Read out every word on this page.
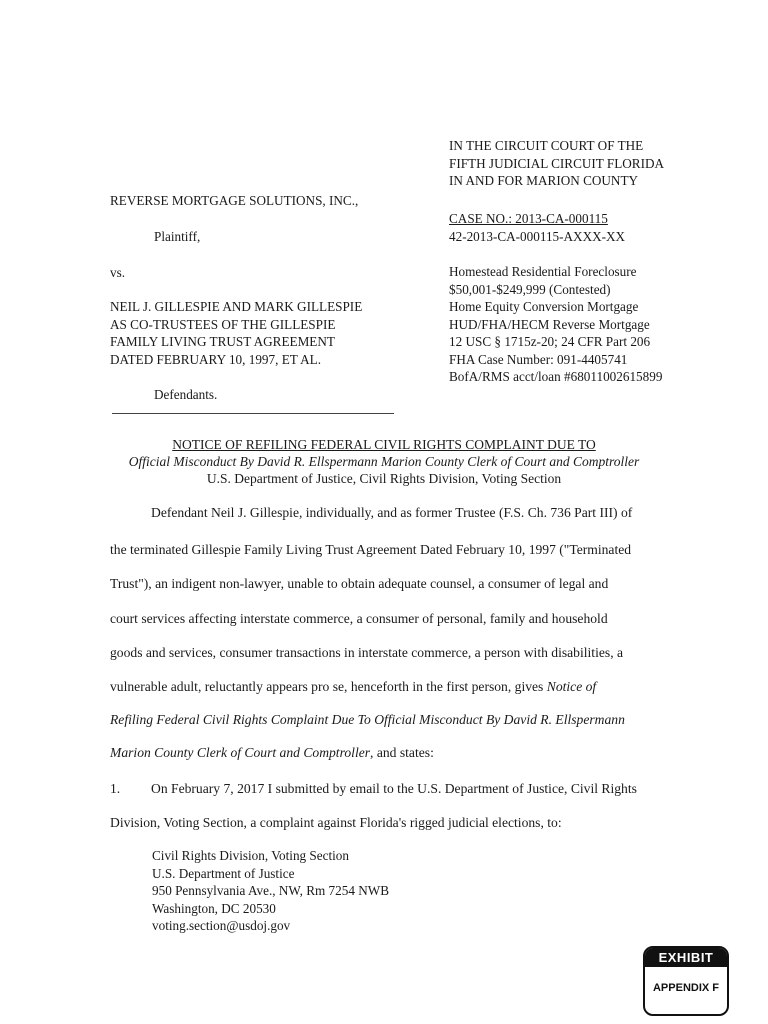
IN THE CIRCUIT COURT OF THE
FIFTH JUDICIAL CIRCUIT FLORIDA
IN AND FOR MARION COUNTY
REVERSE MORTGAGE SOLUTIONS, INC.,
Plaintiff,
CASE NO.: 2013-CA-000115
42-2013-CA-000115-AXXX-XX
vs.	Homestead Residential Foreclosure
$50,001-$249,999 (Contested)
Home Equity Conversion Mortgage
HUD/FHA/HECM Reverse Mortgage
12 USC § 1715z-20; 24 CFR Part 206
FHA Case Number: 091-4405741
BofA/RMS acct/loan #68011002615899
NEIL J. GILLESPIE AND MARK GILLESPIE
AS CO-TRUSTEES OF THE GILLESPIE
FAMILY LIVING TRUST AGREEMENT
DATED FEBRUARY 10, 1997, ET AL.
Defendants.
NOTICE OF REFILING FEDERAL CIVIL RIGHTS COMPLAINT DUE TO
Official Misconduct By David R. Ellspermann Marion County Clerk of Court and Comptroller
U.S. Department of Justice, Civil Rights Division, Voting Section
Defendant Neil J. Gillespie, individually, and as former Trustee (F.S. Ch. 736 Part III) of
the terminated Gillespie Family Living Trust Agreement Dated February 10, 1997 ("Terminated
Trust"), an indigent non-lawyer, unable to obtain adequate counsel, a consumer of legal and
court services affecting interstate commerce, a consumer of personal, family and household
goods and services, consumer transactions in interstate commerce, a person with disabilities, a
vulnerable adult, reluctantly appears pro se, henceforth in the first person, gives Notice of
Refiling Federal Civil Rights Complaint Due To Official Misconduct By David R. Ellspermann
Marion County Clerk of Court and Comptroller, and states:
1. On February 7, 2017 I submitted by email to the U.S. Department of Justice, Civil Rights
Division, Voting Section, a complaint against Florida's rigged judicial elections, to:
Civil Rights Division, Voting Section
U.S. Department of Justice
950 Pennsylvania Ave., NW, Rm 7254 NWB
Washington, DC 20530
voting.section@usdoj.gov
EXHIBIT
APPENDIX F
